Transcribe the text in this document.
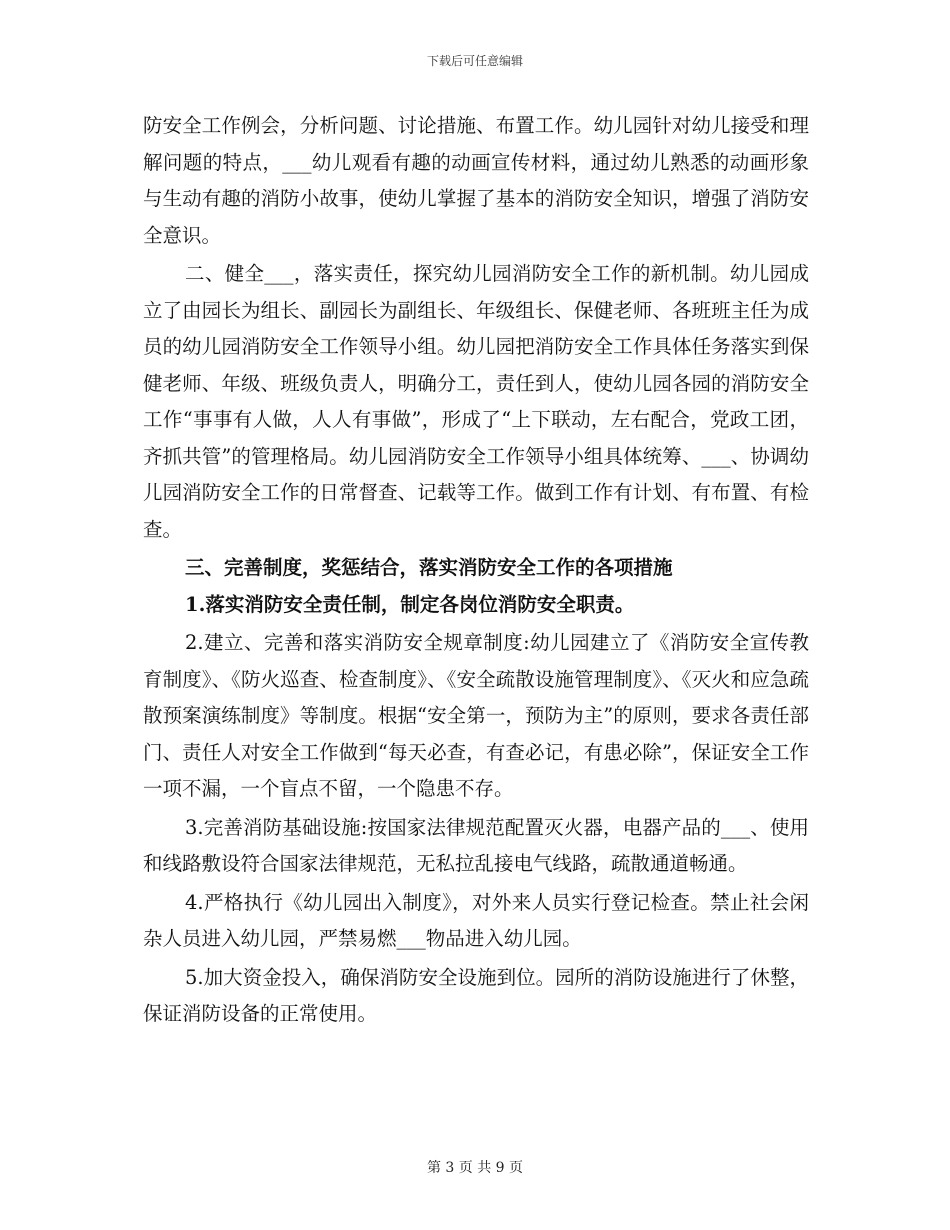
下载后可任意编辑

防安全工作例会，分析问题、讨论措施、布置工作。幼儿园针对幼儿接受和理解问题的特点，___幼儿观看有趣的动画宣传材料，通过幼儿熟悉的动画形象与生动有趣的消防小故事，使幼儿掌握了基本的消防安全知识，增强了消防安全意识。

二、健全___，落实责任，探究幼儿园消防安全工作的新机制。幼儿园成立了由园长为组长、副园长为副组长、年级组长、保健老师、各班班主任为成员的幼儿园消防安全工作领导小组。幼儿园把消防安全工作具体任务落实到保健老师、年级、班级负责人，明确分工，责任到人，使幼儿园各园的消防安全工作“事事有人做，人人有事做”，形成了“上下联动，左右配合，党政工团，齐抓共管”的管理格局。幼儿园消防安全工作领导小组具体统筹、___、协调幼儿园消防安全工作的日常督查、记载等工作。做到工作有计划、有布置、有检查。

三、完善制度，奖惩结合，落实消防安全工作的各项措施

1.落实消防安全责任制，制定各岗位消防安全职责。

2.建立、完善和落实消防安全规章制度:幼儿园建立了《消防安全宣传教育制度》、《防火巡查、检查制度》、《安全疏散设施管理制度》、《灭火和应急疏散预案演练制度》等制度。根据“安全第一，预防为主”的原则，要求各责任部门、责任人对安全工作做到“每天必查，有查必记，有患必除”，保证安全工作一项不漏，一个盲点不留，一个隐患不存。

3.完善消防基础设施:按国家法律规范配置灭火器，电器产品的___、使用和线路敷设符合国家法律规范，无私拉乱接电气线路，疏散通道畅通。

4.严格执行《幼儿园出入制度》，对外来人员实行登记检查。禁止社会闲杂人员进入幼儿园，严禁易燃___物品进入幼儿园。

5.加大资金投入，确保消防安全设施到位。园所的消防设施进行了休整，保证消防设备的正常使用。

第 3 页 共 9 页
